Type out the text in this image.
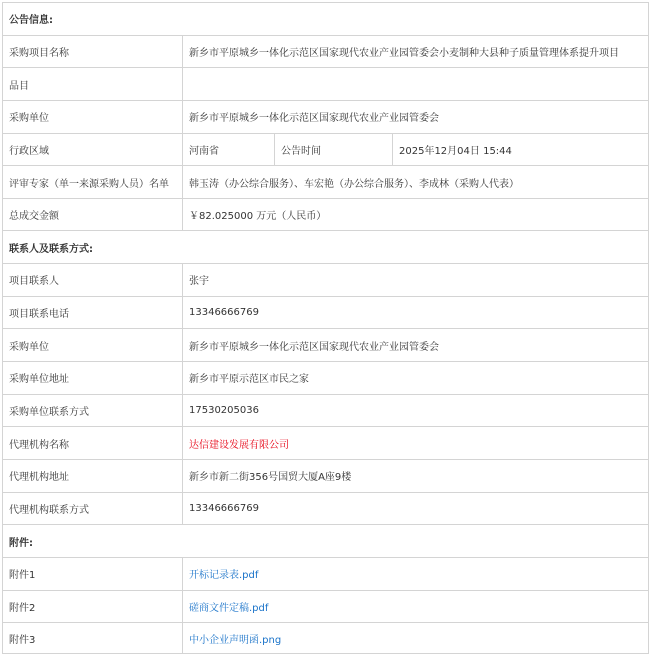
公告信息:			
采购项目名称	新乡市平原城乡一体化示范区国家现代农业产业园管委会小麦制种大县种子质量管理体系提升项目		
品目			
采购单位	新乡市平原城乡一体化示范区国家现代农业产业园管委会		
行政区域	河南省	公告时间	2025年12月04日 15:44
评审专家（单一来源采购人员）名单	韩玉涛（办公综合服务）、车宏艳（办公综合服务）、李成林（采购人代表）		
总成交金额	￥82.025000 万元（人民币）		
联系人及联系方式:			
项目联系人	张宇		
项目联系电话	13346666769		
采购单位	新乡市平原城乡一体化示范区国家现代农业产业园管委会		
采购单位地址	新乡市平原示范区市民之家		
采购单位联系方式	17530205036		
代理机构名称	达信建设发展有限公司		
代理机构地址	新乡市新二街356号国贸大厦A座9楼		
代理机构联系方式	13346666769		
附件:			
附件1	开标记录表.pdf		
附件2	磋商文件定稿.pdf		
附件3	中小企业声明函.png		
